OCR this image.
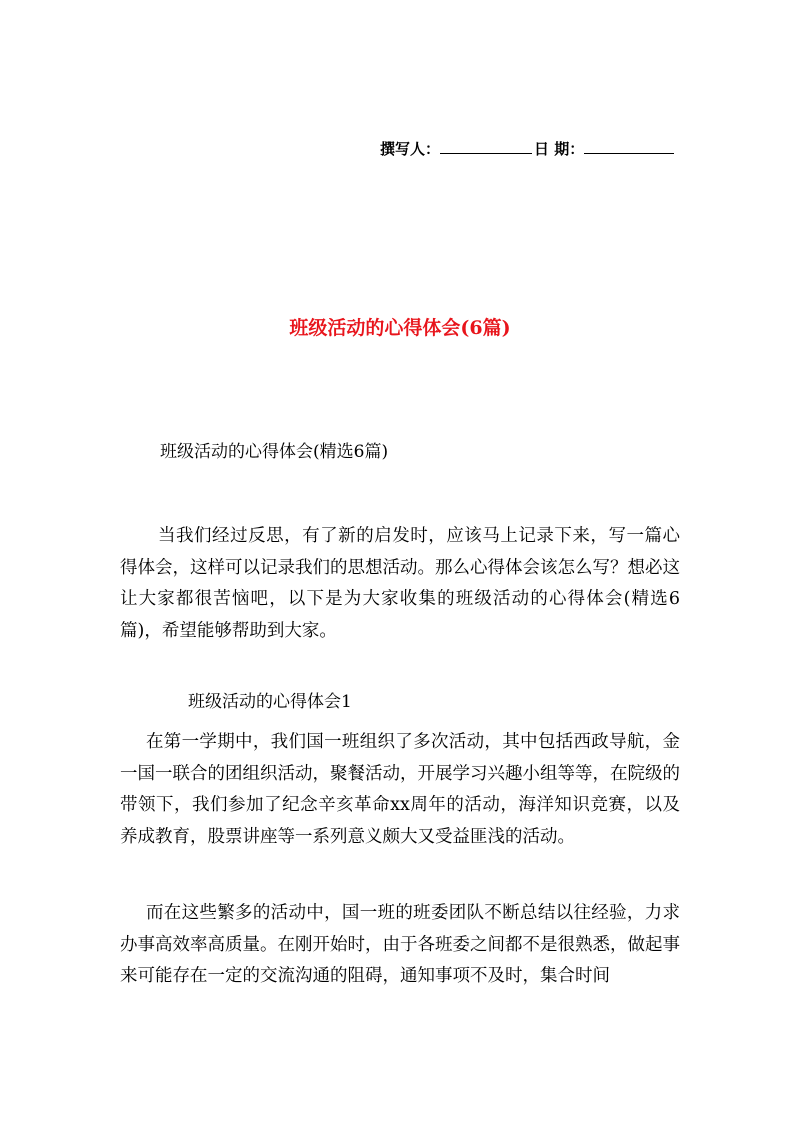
撰写人：	日 期：
班级活动的心得体会(6篇)
班级活动的心得体会(精选6篇)
当我们经过反思，有了新的启发时，应该马上记录下来，写一篇心得体会，这样可以记录我们的思想活动。那么心得体会该怎么写？想必这让大家都很苦恼吧，以下是为大家收集的班级活动的心得体会(精选6篇)，希望能够帮助到大家。
班级活动的心得体会1
在第一学期中，我们国一班组织了多次活动，其中包括西政导航，金一国一联合的团组织活动，聚餐活动，开展学习兴趣小组等等，在院级的带领下，我们参加了纪念辛亥革命xx周年的活动，海洋知识竞赛，以及养成教育，股票讲座等一系列意义颇大又受益匪浅的活动。
而在这些繁多的活动中，国一班的班委团队不断总结以往经验，力求办事高效率高质量。在刚开始时，由于各班委之间都不是很熟悉，做起事来可能存在一定的交流沟通的阻碍，通知事项不及时，集合时间
